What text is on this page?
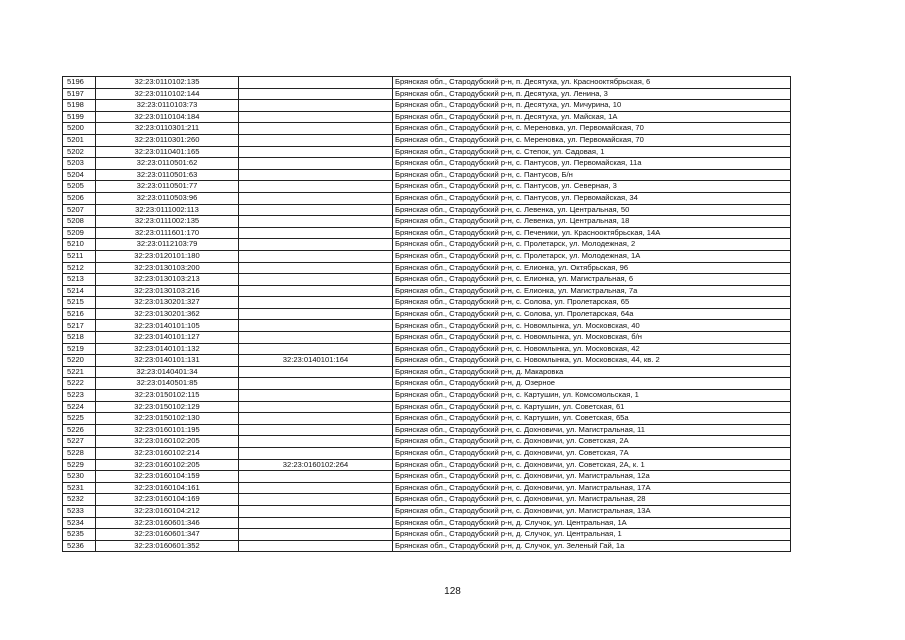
5196	32:23:0110102:135		Брянская обл., Стародубский р-н, п. Десятуха, ул. Красноoктябрьская, 6
5197	32:23:0110102:144		Брянская обл., Стародубский р-н, п. Десятуха, ул. Ленина, 3
5198	32:23:0110103:73		Брянская обл., Стародубский р-н, п. Десятуха, ул. Мичурина, 10
5199	32:23:0110104:184		Брянская обл., Стародубский р-н, п. Десятуха, ул. Майская, 1А
5200	32:23:0110301:211		Брянская обл., Стародубский р-н, с. Меренoвка, ул. Первомайская, 70
5201	32:23:0110301:260		Брянская обл., Стародубский р-н, с. Меренoвка, ул. Первомайская, 70
5202	32:23:0110401:165		Брянская обл., Стародубский р-н, с. Степок, ул. Садовая, 1
5203	32:23:0110501:62		Брянская обл., Стародубский р-н, с. Пантусов, ул. Первомайская, 11а
5204	32:23:0110501:63		Брянская обл., Стародубский р-н, с. Пантусов, Б/н
5205	32:23:0110501:77		Брянская обл., Стародубский р-н, с. Пантусов, ул. Северная, 3
5206	32:23:0110503:96		Брянская обл., Стародубский р-н, с. Пантусов, ул. Первомайская, 34
5207	32:23:0111002:113		Брянская обл., Стародубский р-н, с. Левенка, ул. Центральная, 50
5208	32:23:0111002:135		Брянская обл., Стародубский р-н, с. Левенка, ул. Центральная, 18
5209	32:23:0111601:170		Брянская обл., Стародубский р-н, с. Печеники, ул. Красноoктябрьская, 14А
5210	32:23:0112103:79		Брянская обл., Стародубский р-н, с. Пролетарск, ул. Молодежная, 2
5211	32:23:0120101:180		Брянская обл., Стародубский р-н, с. Пролетарск, ул. Молодежная, 1А
5212	32:23:0130103:200		Брянская обл., Стародубский р-н, с. Елионка, ул. Октябрьская, 96
5213	32:23:0130103:213		Брянская обл., Стародубский р-н, с. Елионка, ул. Магистральная, 6
5214	32:23:0130103:216		Брянская обл., Стародубский р-н, с. Елионка, ул. Магистральная, 7а
5215	32:23:0130201:327		Брянская обл., Стародубский р-н, с. Солова, ул. Пролетарская, 65
5216	32:23:0130201:362		Брянская обл., Стародубский р-н, с. Солова, ул. Пролетарская, 64а
5217	32:23:0140101:105		Брянская обл., Стародубский р-н, с. Новомлынка, ул. Московская, 40
5218	32:23:0140101:127		Брянская обл., Стародубский р-н, с. Новомлынка, ул. Московская, б/н
5219	32:23:0140101:132		Брянская обл., Стародубский р-н, с. Новомлынка, ул. Московская, 42
5220	32:23:0140101:131	32:23:0140101:164	Брянская обл., Стародубский р-н, с. Новомлынка, ул. Московская, 44, кв. 2
5221	32:23:0140401:34		Брянская обл., Стародубский р-н, д. Макаровка
5222	32:23:0140501:85		Брянская обл., Стародубский р-н, д. Озерное
5223	32:23:0150102:115		Брянская обл., Стародубский р-н, с. Картушин, ул. Комсомольская, 1
5224	32:23:0150102:129		Брянская обл., Стародубский р-н, с. Картушин, ул. Советская, 61
5225	32:23:0150102:130		Брянская обл., Стародубский р-н, с. Картушин, ул. Советская, 65а
5226	32:23:0160101:195		Брянская обл., Стародубский р-н, с. Дохновичи, ул. Магистральная, 11
5227	32:23:0160102:205		Брянская обл., Стародубский р-н, с. Дохновичи, ул. Советская, 2А
5228	32:23:0160102:214		Брянская обл., Стародубский р-н, с. Дохновичи, ул. Советская, 7А
5229	32:23:0160102:205	32:23:0160102:264	Брянская обл., Стародубский р-н, с. Дохновичи, ул. Советская, 2А, к. 1
5230	32:23:0160104:159		Брянская обл., Стародубский р-н, с. Дохновичи, ул. Магистральная, 12а
5231	32:23:0160104:161		Брянская обл., Стародубский р-н, с. Дохновичи, ул. Магистральная, 17А
5232	32:23:0160104:169		Брянская обл., Стародубский р-н, с. Дохновичи, ул. Магистральная, 28
5233	32:23:0160104:212		Брянская обл., Стародубский р-н, с. Дохновичи, ул. Магистральная, 13А
5234	32:23:0160601:346		Брянская обл., Стародубский р-н, д. Случок, ул. Центральная, 1А
5235	32:23:0160601:347		Брянская обл., Стародубский р-н, д. Случок, ул. Центральная, 1
5236	32:23:0160601:352		Брянская обл., Стародубский р-н, д. Случок, ул. Зеленый Гай, 1а
128
